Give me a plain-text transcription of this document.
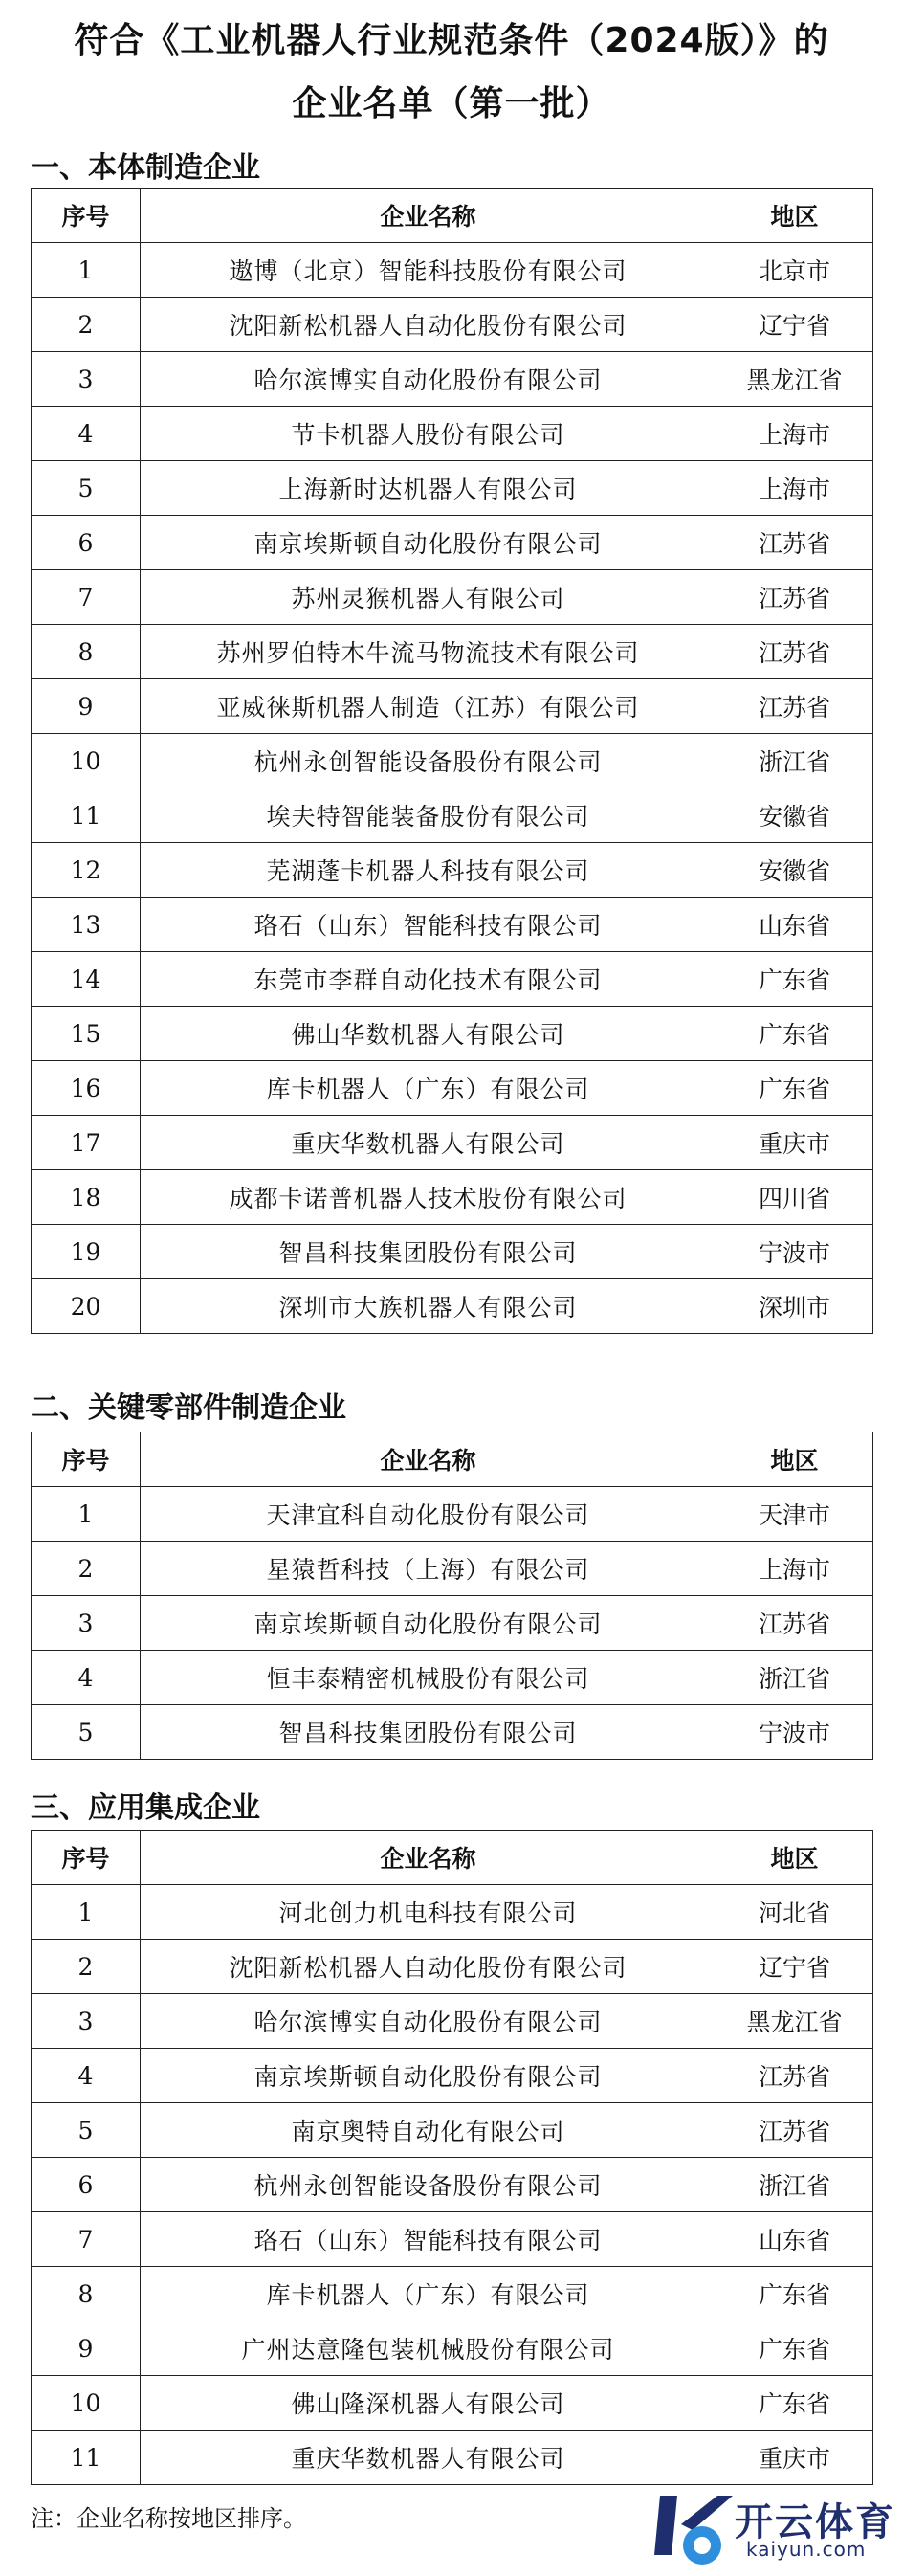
符合《工业机器人行业规范条件（2024版）》的
企业名单（第一批）
一、本体制造企业
序号	企业名称	地区
1	遨博（北京）智能科技股份有限公司	北京市
2	沈阳新松机器人自动化股份有限公司	辽宁省
3	哈尔滨博实自动化股份有限公司	黑龙江省
4	节卡机器人股份有限公司	上海市
5	上海新时达机器人有限公司	上海市
6	南京埃斯顿自动化股份有限公司	江苏省
7	苏州灵猴机器人有限公司	江苏省
8	苏州罗伯特木牛流马物流技术有限公司	江苏省
9	亚威徕斯机器人制造（江苏）有限公司	江苏省
10	杭州永创智能设备股份有限公司	浙江省
11	埃夫特智能装备股份有限公司	安徽省
12	芜湖蓬卡机器人科技有限公司	安徽省
13	珞石（山东）智能科技有限公司	山东省
14	东莞市李群自动化技术有限公司	广东省
15	佛山华数机器人有限公司	广东省
16	库卡机器人（广东）有限公司	广东省
17	重庆华数机器人有限公司	重庆市
18	成都卡诺普机器人技术股份有限公司	四川省
19	智昌科技集团股份有限公司	宁波市
20	深圳市大族机器人有限公司	深圳市
二、关键零部件制造企业
序号	企业名称	地区
1	天津宜科自动化股份有限公司	天津市
2	星猿哲科技（上海）有限公司	上海市
3	南京埃斯顿自动化股份有限公司	江苏省
4	恒丰泰精密机械股份有限公司	浙江省
5	智昌科技集团股份有限公司	宁波市
三、应用集成企业
序号	企业名称	地区
1	河北创力机电科技有限公司	河北省
2	沈阳新松机器人自动化股份有限公司	辽宁省
3	哈尔滨博实自动化股份有限公司	黑龙江省
4	南京埃斯顿自动化股份有限公司	江苏省
5	南京奥特自动化有限公司	江苏省
6	杭州永创智能设备股份有限公司	浙江省
7	珞石（山东）智能科技有限公司	山东省
8	库卡机器人（广东）有限公司	广东省
9	广州达意隆包装机械股份有限公司	广东省
10	佛山隆深机器人有限公司	广东省
11	重庆华数机器人有限公司	重庆市
注：企业名称按地区排序。	开云体育
kaiyun.com
